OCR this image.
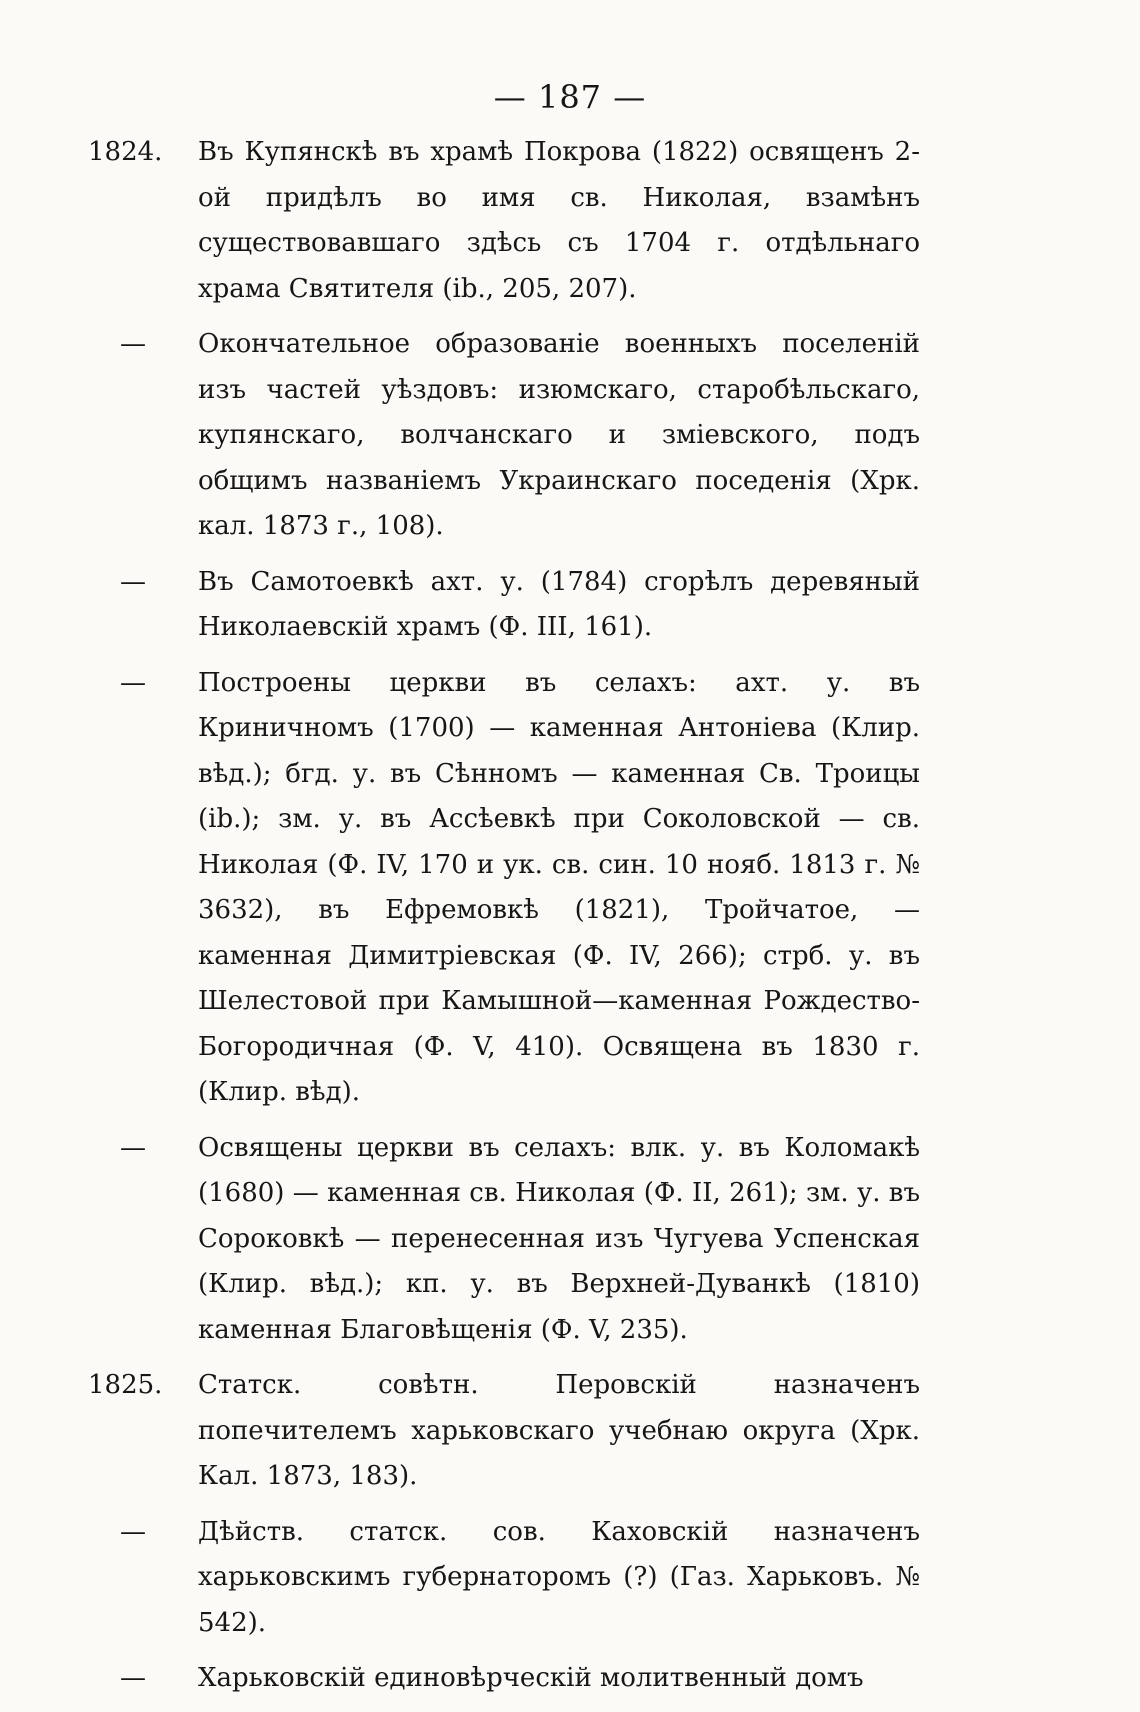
— 187 —
1824.	Въ Купянскѣ въ храмѣ Покрова (1822) освященъ 2-ой придѣлъ во имя св. Николая, взамѣнъ существовавшаго здѣсь съ 1704 г. отдѣльнаго храма Святителя (ib., 205, 207).
—	Окончательное образованіе военныхъ поселеній изъ частей уѣздовъ: изюмскаго, старобѣльскаго, купянскаго, волчанскаго и змiевского, подъ общимъ названiемъ Украинскаго поседенiя (Хрк. кал. 1873 г., 108).
—	Въ Самотоевкѣ ахт. у. (1784) сгорѣлъ деревяный Николаевскій храмъ (Ф. III, 161).
—	Построены церкви въ селахъ: ахт. у. въ Криничномъ (1700) — каменная Антоніева (Клир. вѣд.); бгд. у. въ Сѣнномъ — каменная Св. Троицы (ib.); зм. у. въ Ассѣевкѣ при Соколовской — св. Николая (Ф. IV, 170 и ук. св. син. 10 нояб. 1813 г. № 3632), въ Ефремовкѣ (1821), Тройчатое, — каменная Димитріевская (Ф. IV, 266); стрб. у. въ Шелестовой при Камышной—каменная Рождество-Богородичная (Ф. V, 410). Освящена въ 1830 г. (Клир. вѣд).
—	Освящены церкви въ селахъ: влк. у. въ Коломакѣ (1680) — каменная св. Николая (Ф. II, 261); зм. у. въ Сороковкѣ — перенесенная изъ Чугуева Успенская (Клир. вѣд.); кп. у. въ Верхней-Дуванкѣ (1810) каменная Благовѣщенія (Ф. V, 235).
1825.	Статск. совѣтн. Перовскій назначенъ попечителемъ харьковскаго учебнаю округа (Хрк. Кал. 1873, 183).
—	Дѣйств. статск. сов. Каховскій назначенъ харьковскимъ губернаторомъ (?) (Газ. Харьковъ. № 542).
—	Харьковскій единовѣрческій молитвенный домъ
